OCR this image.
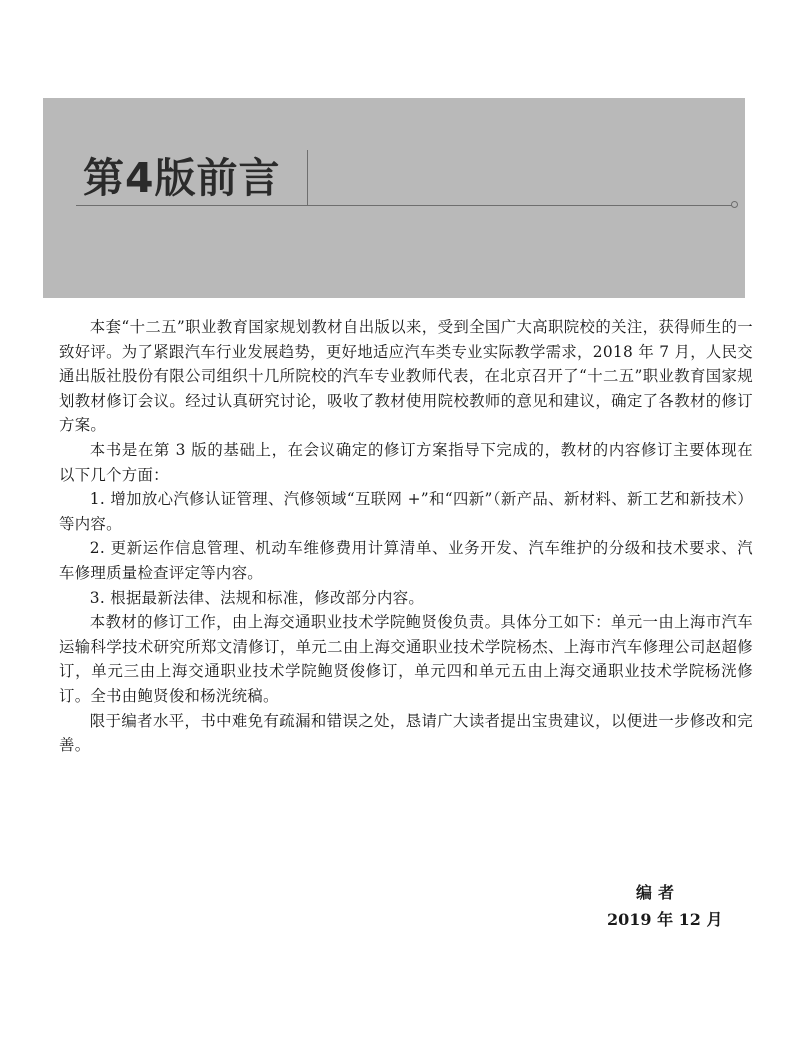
第4版前言

本套“十二五”职业教育国家规划教材自出版以来，受到全国广大高职院校的关注，获得师生的一致好评。为了紧跟汽车行业发展趋势，更好地适应汽车类专业实际教学需求，2018 年 7 月，人民交通出版社股份有限公司组织十几所院校的汽车专业教师代表，在北京召开了“十二五”职业教育国家规划教材修订会议。经过认真研究讨论，吸收了教材使用院校教师的意见和建议，确定了各教材的修订方案。

本书是在第 3 版的基础上，在会议确定的修订方案指导下完成的，教材的内容修订主要体现在以下几个方面：

1. 增加放心汽修认证管理、汽修领域“互联网 +”和“四新”（新产品、新材料、新工艺和新技术）等内容。

2. 更新运作信息管理、机动车维修费用计算清单、业务开发、汽车维护的分级和技术要求、汽车修理质量检查评定等内容。

3. 根据最新法律、法规和标准，修改部分内容。

本教材的修订工作，由上海交通职业技术学院鲍贤俊负责。具体分工如下：单元一由上海市汽车运输科学技术研究所郑文清修订，单元二由上海交通职业技术学院杨杰、上海市汽车修理公司赵超修订，单元三由上海交通职业技术学院鲍贤俊修订，单元四和单元五由上海交通职业技术学院杨洸修订。全书由鲍贤俊和杨洸统稿。

限于编者水平，书中难免有疏漏和错误之处，恳请广大读者提出宝贵建议，以便进一步修改和完善。

编者
2019 年 12 月
